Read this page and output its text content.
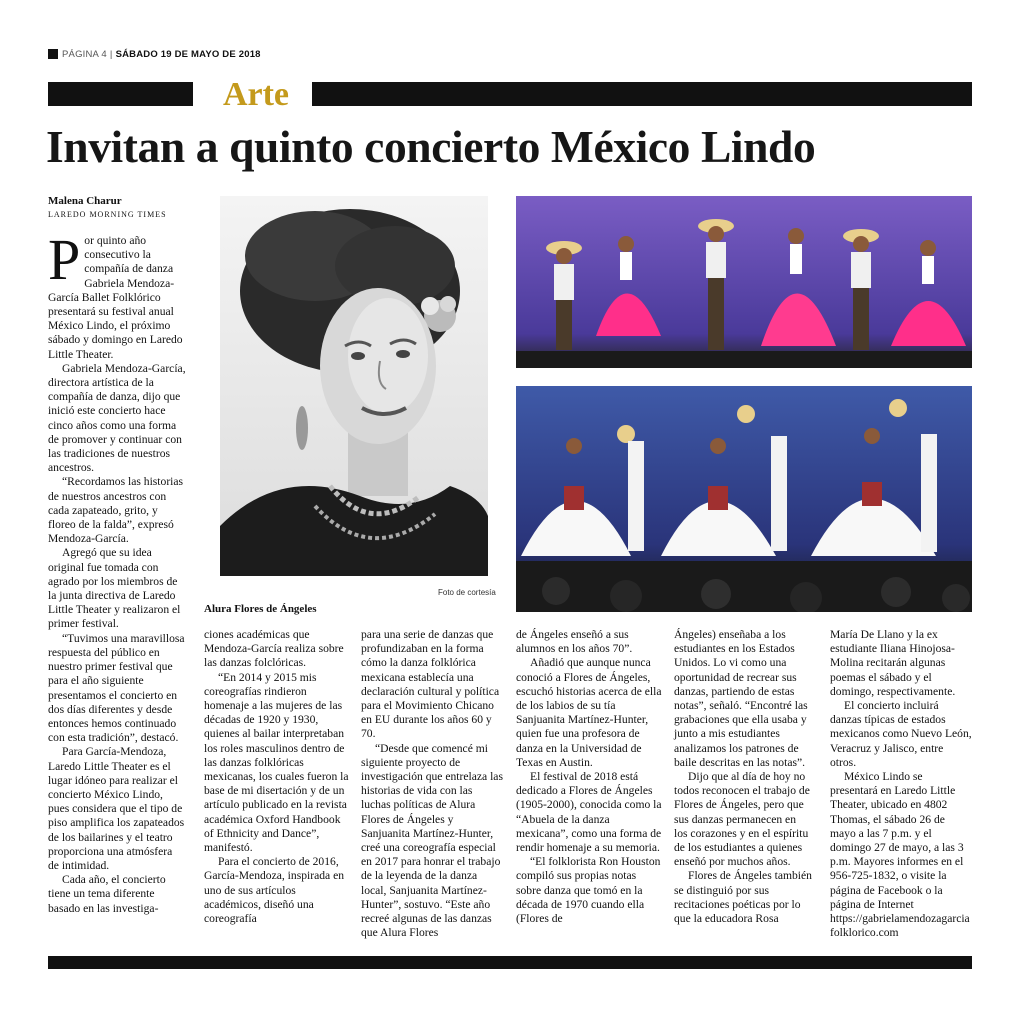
PÁGINA 4 | SÁBADO 19 DE MAYO DE 2018
Arte
Invitan a quinto concierto México Lindo
Malena Charur
LAREDO MORNING TIMES

Por quinto año consecutivo la compañía de danza Gabriela Mendoza-García Ballet Folklórico presentará su festival anual México Lindo, el próximo sábado y domingo en Laredo Little Theater.

Gabriela Mendoza-García, directora artística de la compañía de danza, dijo que inició este concierto hace cinco años como una forma de promover y continuar con las tradiciones de nuestros ancestros.

“Recordamos las historias de nuestros ancestros con cada zapateado, grito, y floreo de la falda”, expresó Mendoza-García.

Agregó que su idea original fue tomada con agrado por los miembros de la junta directiva de Laredo Little Theater y realizaron el primer festival.

“Tuvimos una maravillosa respuesta del público en nuestro primer festival que para el año siguiente presentamos el concierto en dos días diferentes y desde entonces hemos continuado con esta tradición”, destacó.

Para García-Mendoza, Laredo Little Theater es el lugar idóneo para realizar el concierto México Lindo, pues considera que el tipo de piso amplifica los zapateados de los bailarines y el teatro proporciona una atmósfera de intimidad.

Cada año, el concierto tiene un tema diferente basado en las investiga-

Foto de cortesía
Alura Flores de Ángeles

ciones académicas que Mendoza-García realiza sobre las danzas folclóricas.

“En 2014 y 2015 mis coreografías rindieron homenaje a las mujeres de las décadas de 1920 y 1930, quienes al bailar interpretaban los roles masculinos dentro de las danzas folklóricas mexicanas, los cuales fueron la base de mi disertación y de un artículo publicado en la revista académica Oxford Handbook of Ethnicity and Dance”, manifestó.

Para el concierto de 2016, García-Mendoza, inspirada en uno de sus artículos académicos, diseñó una coreografía

para una serie de danzas que profundizaban en la forma cómo la danza folklórica mexicana establecía una declaración cultural y política para el Movimiento Chicano en EU durante los años 60 y 70.

“Desde que comencé mi siguiente proyecto de investigación que entrelaza las historias de vida con las luchas políticas de Alura Flores de Ángeles y Sanjuanita Martínez-Hunter, creé una coreografía especial en 2017 para honrar el trabajo de la leyenda de la danza local, Sanjuanita Martínez-Hunter”, sostuvo. “Este año recreé algunas de las danzas que Alura Flores

de Ángeles enseñó a sus alumnos en los años 70”.

Añadió que aunque nunca conoció a Flores de Ángeles, escuchó historias acerca de ella de los labios de su tía Sanjuanita Martínez-Hunter, quien fue una profesora de danza en la Universidad de Texas en Austin.

El festival de 2018 está dedicado a Flores de Ángeles (1905-2000), conocida como la “Abuela de la danza mexicana”, como una forma de rendir homenaje a su memoria.

“El folklorista Ron Houston compiló sus propias notas sobre danza que tomó en la década de 1970 cuando ella (Flores de

Ángeles) enseñaba a los estudiantes en los Estados Unidos. Lo vi como una oportunidad de recrear sus danzas, partiendo de estas notas”, señaló. “Encontré las grabaciones que ella usaba y junto a mis estudiantes analizamos los patrones de baile descritas en las notas”.

Dijo que al día de hoy no todos reconocen el trabajo de Flores de Ángeles, pero que sus danzas permanecen en los corazones y en el espíritu de los estudiantes a quienes enseñó por muchos años.

Flores de Ángeles también se distinguió por sus recitaciones poéticas por lo que la educadora Rosa

María De Llano y la ex estudiante Iliana Hinojosa-Molina recitarán algunas poemas el sábado y el domingo, respectivamente.

El concierto incluirá danzas típicas de estados mexicanos como Nuevo León, Veracruz y Jalisco, entre otros.

México Lindo se presentará en Laredo Little Theater, ubicado en 4802 Thomas, el sábado 26 de mayo a las 7 p.m. y el domingo 27 de mayo, a las 3 p.m. Mayores informes en el 956-725-1832, o visite la página de Facebook o la página de Internet https://gabrielamendozagarciafolklorico.com
